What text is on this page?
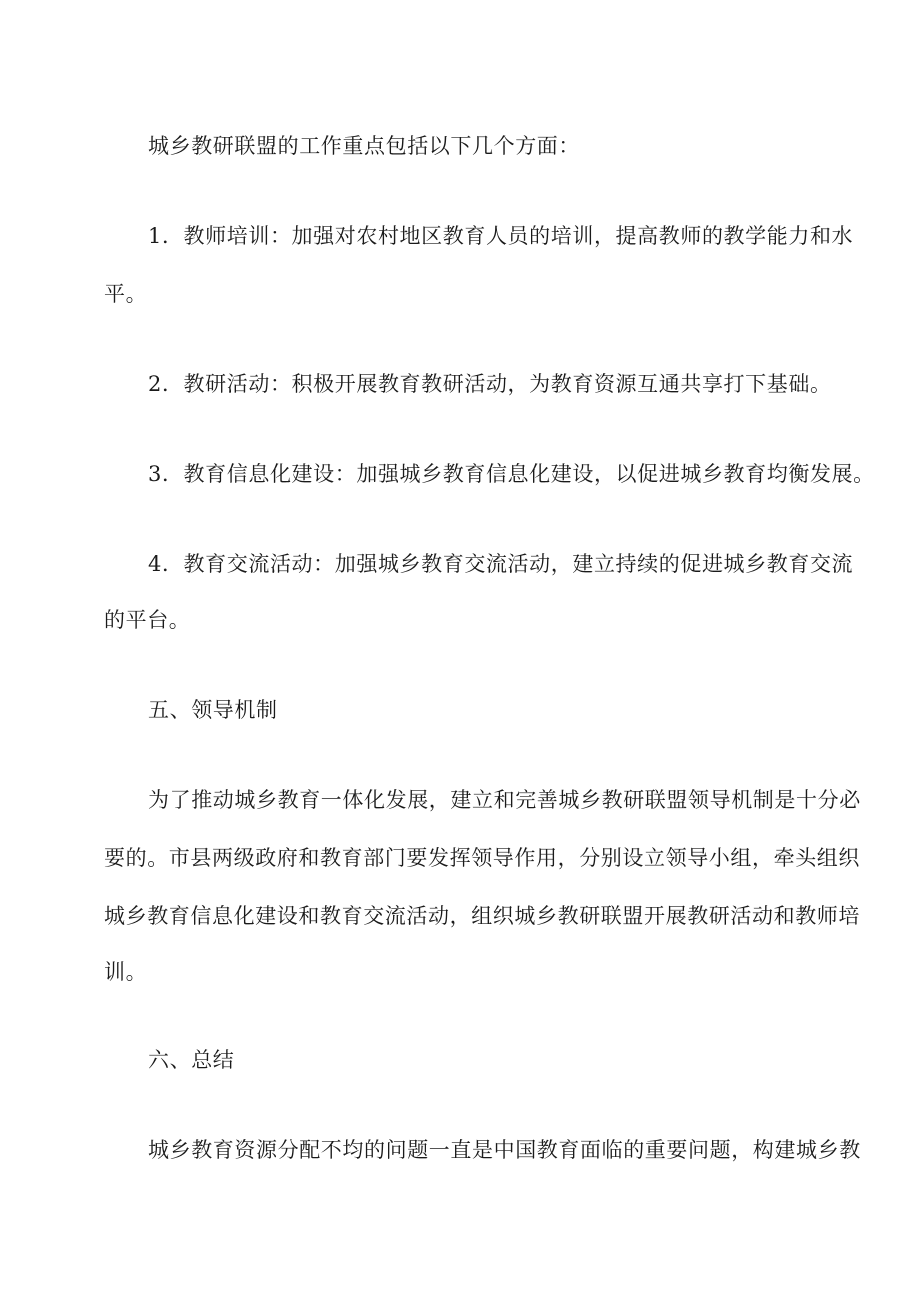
城乡教研联盟的工作重点包括以下几个方面：
1．教师培训：加强对农村地区教育人员的培训，提高教师的教学能力和水
平。
2．教研活动：积极开展教育教研活动，为教育资源互通共享打下基础。
3．教育信息化建设：加强城乡教育信息化建设，以促进城乡教育均衡发展。
4．教育交流活动：加强城乡教育交流活动，建立持续的促进城乡教育交流
的平台。
五、领导机制
为了推动城乡教育一体化发展，建立和完善城乡教研联盟领导机制是十分必
要的。市县两级政府和教育部门要发挥领导作用，分别设立领导小组，牵头组织
城乡教育信息化建设和教育交流活动，组织城乡教研联盟开展教研活动和教师培
训。
六、总结
城乡教育资源分配不均的问题一直是中国教育面临的重要问题，构建城乡教
